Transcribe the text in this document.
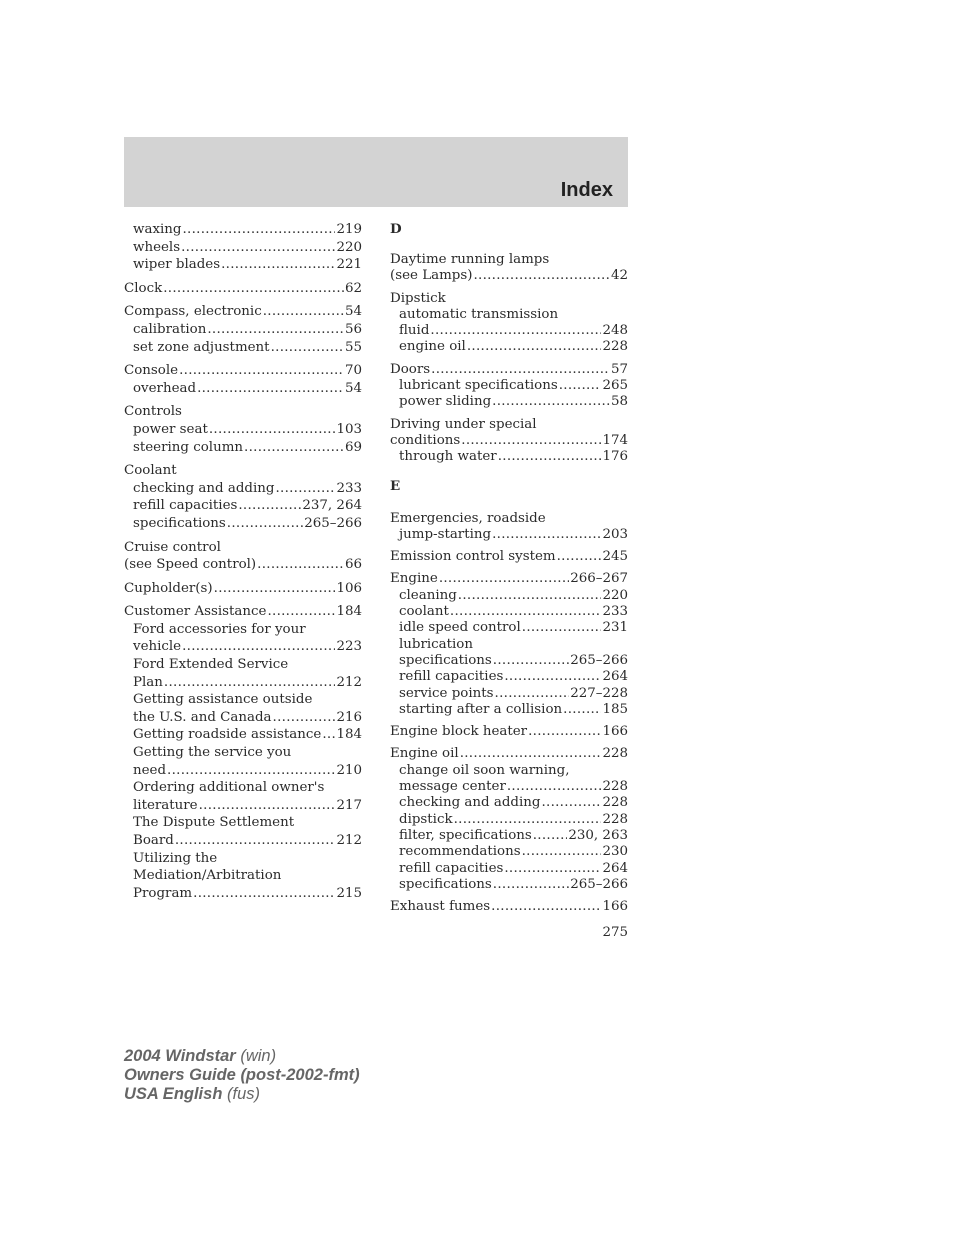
Index
waxing .....	219
wheels .....	220
wiper blades .....	221
Clock .....	62
Compass, electronic .....	54
calibration .....	56
set zone adjustment .....	55
Console .....	70
overhead .....	54
Controls
power seat .....	103
steering column .....	69
Coolant
checking and adding .....	233
refill capacities .....	237, 264
specifications .....	265–266
Cruise control
(see Speed control) .....	66
Cupholder(s) .....	106
Customer Assistance .....	184
Ford accessories for your
vehicle .....	223
Ford Extended Service
Plan .....	212
Getting assistance outside
the U.S. and Canada .....	216
Getting roadside assistance ..... 184
Getting the service you
need .....	210
Ordering additional owner's
literature .....	217
The Dispute Settlement
Board .....	212
Utilizing the
Mediation/Arbitration
Program .....	215
D
Daytime running lamps
(see Lamps) .....	42
Dipstick
automatic transmission
fluid .....	248
engine oil .....	228
Doors .....	57
lubricant specifications .....	265
power sliding .....	58
Driving under special
conditions .....	174
through water .....	176
E
Emergencies, roadside
jump-starting .....	203
Emission control system .....	245
Engine .....	266–267
cleaning .....	220
coolant .....	233
idle speed control .....	231
lubrication
specifications .....	265–266
refill capacities .....	264
service points .....	227–228
starting after a collision .....	185
Engine block heater .....	166
Engine oil .....	228
change oil soon warning,
message center .....	228
checking and adding .....	228
dipstick .....	228
filter, specifications .....	230, 263
recommendations .....	230
refill capacities .....	264
specifications .....	265–266
Exhaust fumes .....	166
275
2004 Windstar (win)
Owners Guide (post-2002-fmt)
USA English (fus)
